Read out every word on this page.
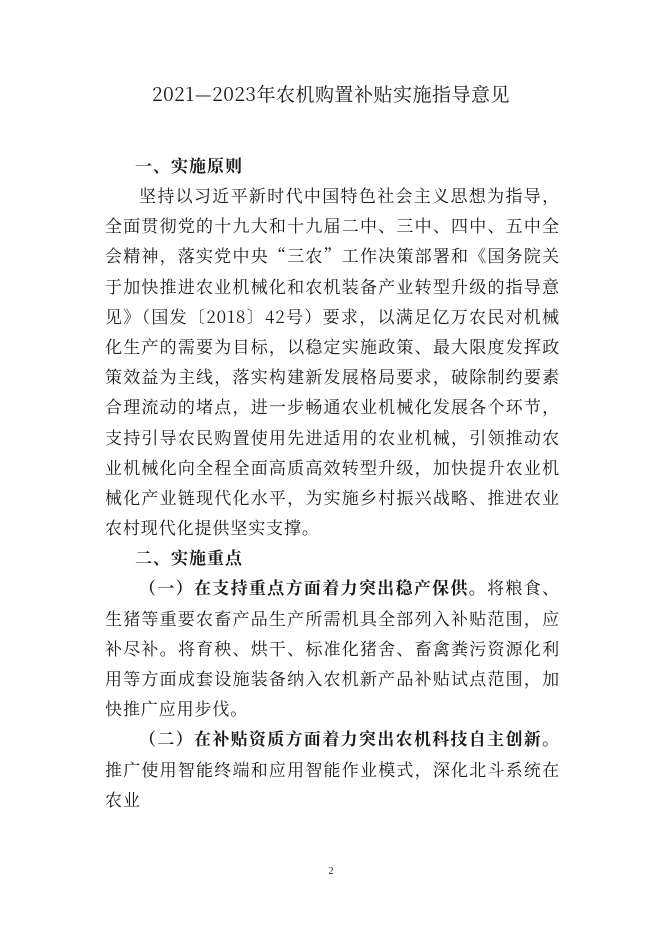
2021—2023年农机购置补贴实施指导意见
一、实施原则

坚持以习近平新时代中国特色社会主义思想为指导，全面贯彻党的十九大和十九届二中、三中、四中、五中全会精神，落实党中央“三农”工作决策部署和《国务院关于加快推进农业机械化和农机装备产业转型升级的指导意见》（国发〔2018〕42号）要求，以满足亿万农民对机械化生产的需要为目标，以稳定实施政策、最大限度发挥政策效益为主线，落实构建新发展格局要求，破除制约要素合理流动的堵点，进一步畅通农业机械化发展各个环节，支持引导农民购置使用先进适用的农业机械，引领推动农业机械化向全程全面高质高效转型升级，加快提升农业机械化产业链现代化水平，为实施乡村振兴战略、推进农业农村现代化提供坚实支撑。

二、实施重点

（一）在支持重点方面着力突出稳产保供。将粮食、生猪等重要农畜产品生产所需机具全部列入补贴范围，应补尽补。将育秧、烘干、标准化猪舍、畜禽粪污资源化利用等方面成套设施装备纳入农机新产品补贴试点范围，加快推广应用步伐。

（二）在补贴资质方面着力突出农机科技自主创新。推广使用智能终端和应用智能作业模式，深化北斗系统在农业

2
